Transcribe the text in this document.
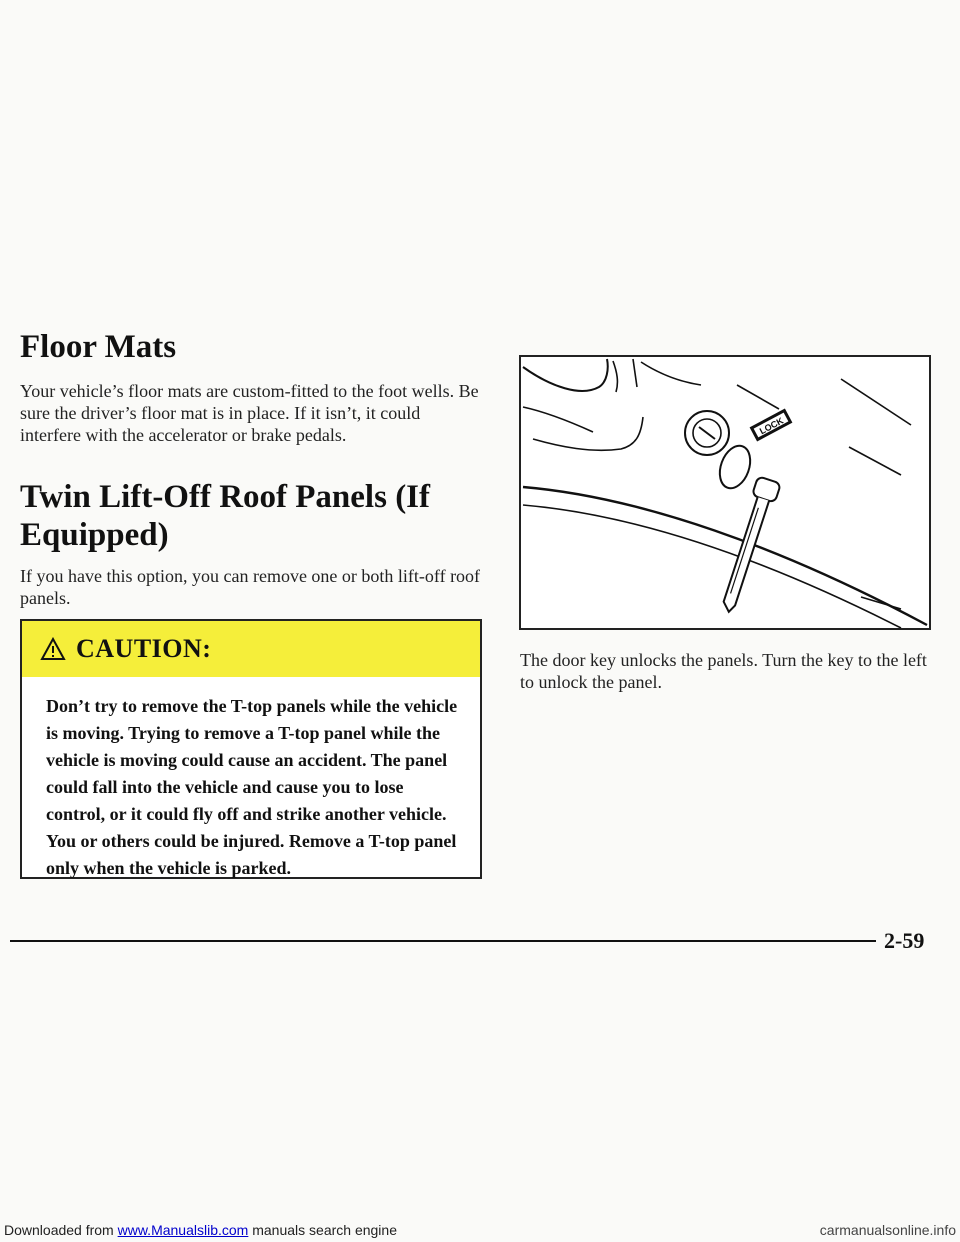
Floor Mats

Your vehicle’s floor mats are custom-fitted to the foot wells. Be sure the driver’s floor mat is in place. If it isn’t, it could interfere with the accelerator or brake pedals.

Twin Lift-Off Roof Panels (If Equipped)

If you have this option, you can remove one or both lift-off roof panels.

CAUTION:

Don’t try to remove the T-top panels while the vehicle is moving. Trying to remove a T-top panel while the vehicle is moving could cause an accident. The panel could fall into the vehicle and cause you to lose control, or it could fly off and strike another vehicle. You or others could be injured. Remove a T-top panel only when the vehicle is parked.

LOCK

The door key unlocks the panels. Turn the key to the left to unlock the panel.

2-59

Downloaded from www.Manualslib.com manuals search engine	carmanualsonline.info
